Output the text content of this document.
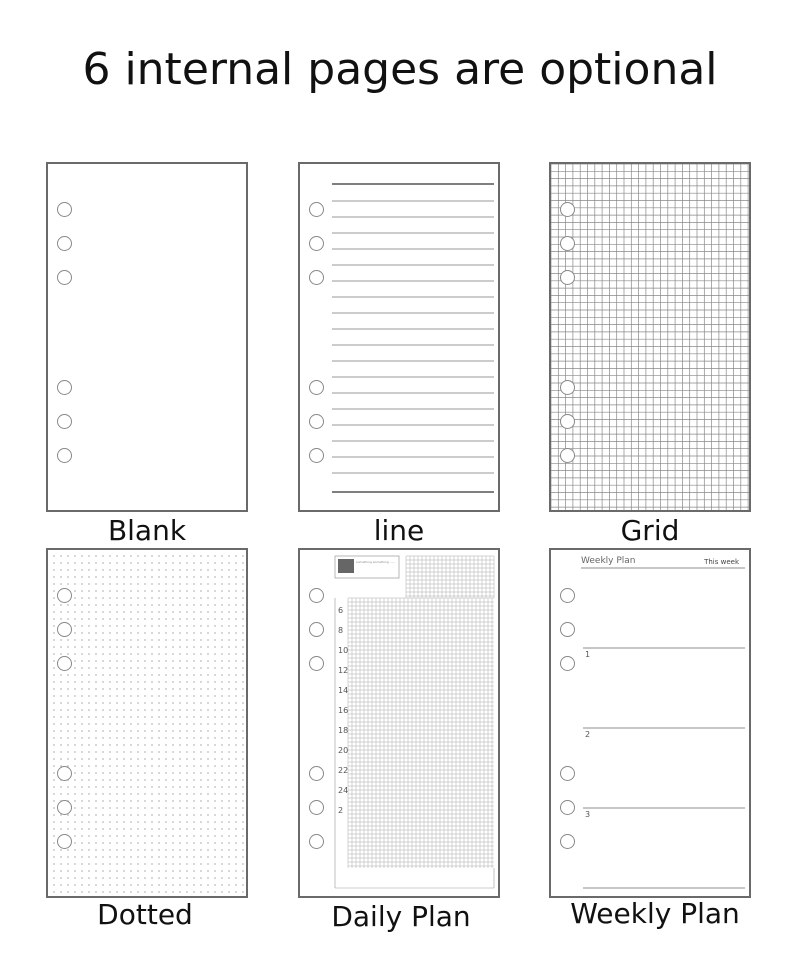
6 internal pages are optional
Blank	line	Grid
Dotted
something something ......
6
8
10
12
14
16
18
20
22
24
2
Daily Plan
Weekly Plan	This week
1
2
3
Weekly Plan
